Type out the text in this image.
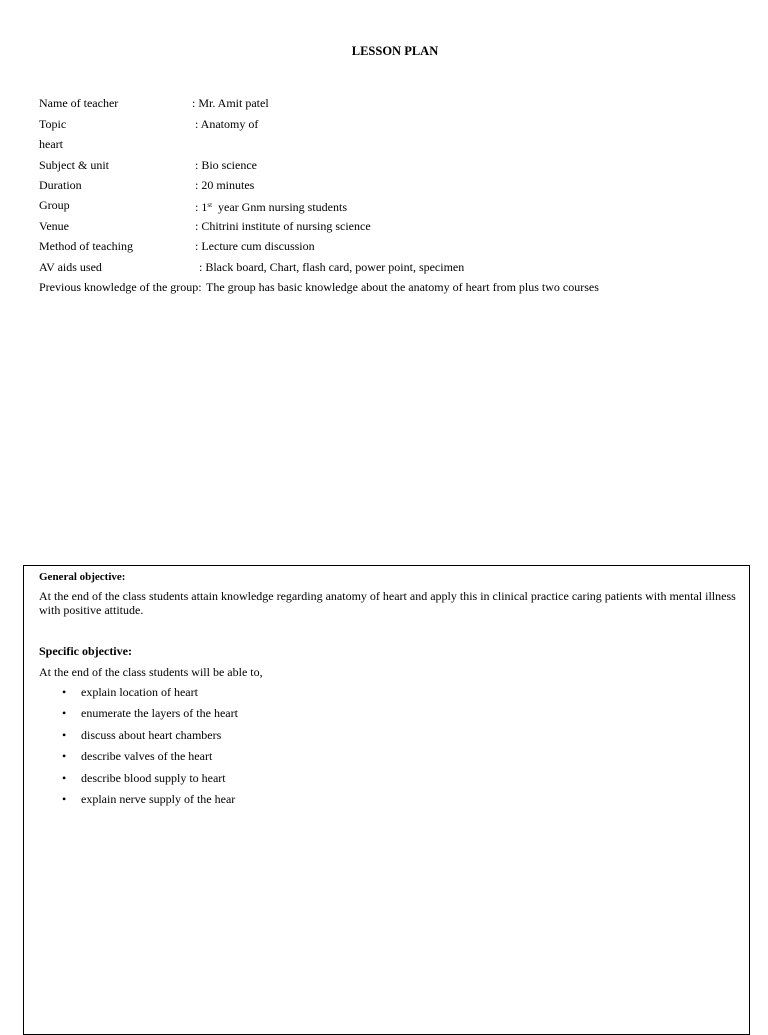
LESSON PLAN
Name of teacher	: Mr. Amit patel
Topic	: Anatomy of
heart
Subject & unit	: Bio science
Duration	: 20 minutes
Group	: 1st  year Gnm nursing students
Venue	: Chitrini institute of nursing science
Method of teaching	: Lecture cum discussion
AV aids used	: Black board, Chart, flash card, power point, specimen
Previous knowledge of the group: The group has basic knowledge about the anatomy of heart from plus two courses
General objective:
At the end of the class students attain knowledge regarding anatomy of heart and apply this in clinical practice caring patients with mental illness with positive attitude.
Specific objective:
At the end of the class students will be able to,
• explain location of heart
• enumerate the layers of the heart
• discuss about heart chambers
• describe valves of the heart
• describe blood supply to heart
• explain nerve supply of the hear
